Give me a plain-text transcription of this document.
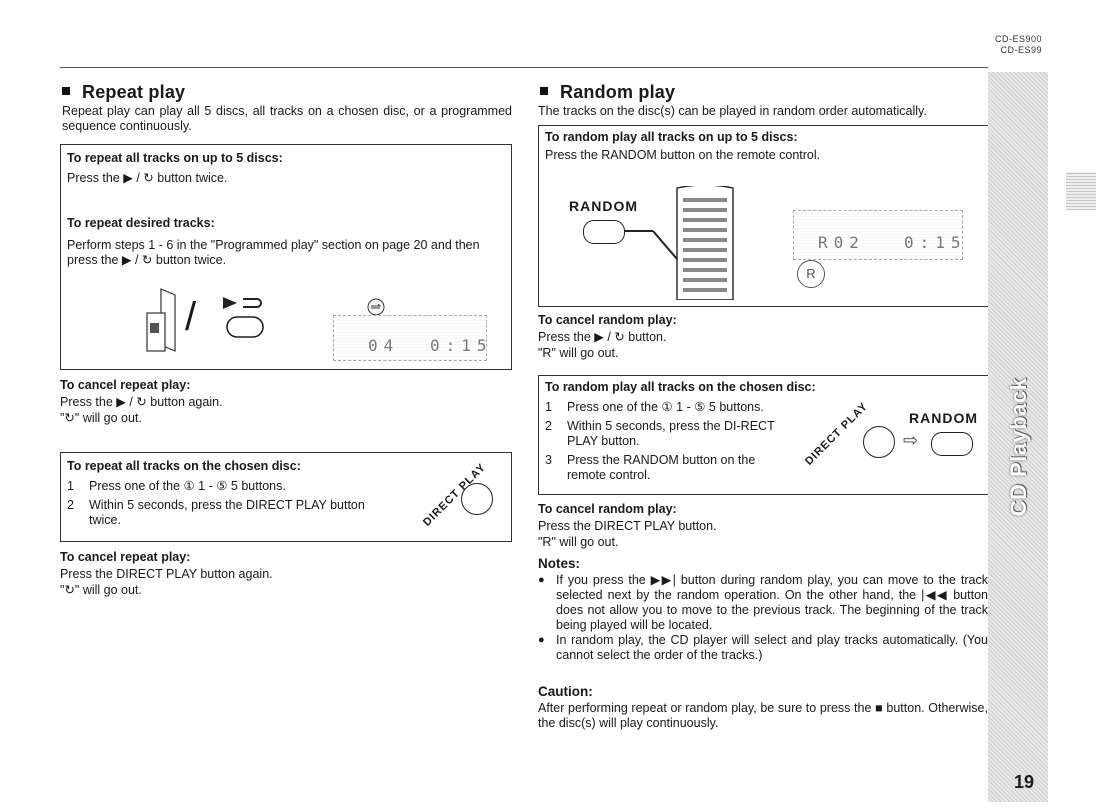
CD-ES900
CD-ES99
Repeat play
Repeat play can play all 5 discs, all tracks on a chosen disc, or a programmed sequence continuously.
To repeat all tracks on up to 5 discs:
Press the ▶ / ↻ button twice.
To repeat desired tracks:
Perform steps 1 - 6 in the "Programmed play" section on page 20 and then press the ▶ / ↻ button twice.
/
04 0:15
To cancel repeat play:
Press the ▶ / ↻ button again.
"↻" will go out.
To repeat all tracks on the chosen disc:
1 Press one of the ① 1 - ⑤ 5 buttons.
2 Within 5 seconds, press the DIRECT PLAY button twice.	DIRECT PLAY
To cancel repeat play:
Press the DIRECT PLAY button again.
"↻" will go out.
Random play
The tracks on the disc(s) can be played in random order automatically.
To random play all tracks on up to 5 discs:
Press the RANDOM button on the remote control.
RANDOM
R02 0:15
R
To cancel random play:
Press the ▶ / ↻ button.
"R" will go out.
To random play all tracks on the chosen disc:
1 Press one of the ① 1 - ⑤ 5 buttons.
2 Within 5 seconds, press the DI-RECT PLAY button.
3 Press the RANDOM button on the remote control.
RANDOM
DIRECT PLAY ⇨
To cancel random play:
Press the DIRECT PLAY button.
"R" will go out.
Notes:
● If you press the ▶▶| button during random play, you can move to the track selected next by the random operation. On the other hand, the |◀◀ button does not allow you to move to the previous track. The beginning of the track being played will be located.
● In random play, the CD player will select and play tracks automatically. (You cannot select the order of the tracks.)
Caution:
After performing repeat or random play, be sure to press the ■ button. Otherwise, the disc(s) will play continuously.
CD Playback
19
